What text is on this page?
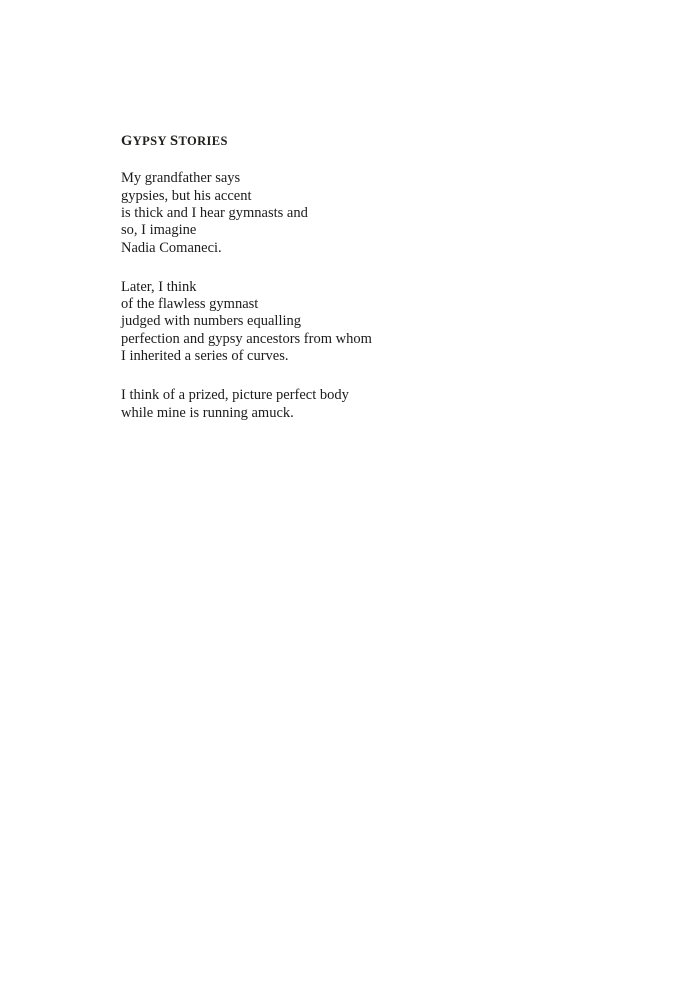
GYPSY STORIES

My grandfather says

gypsies, but his accent

is thick and I hear gymnasts and

so, I imagine

Nadia Comaneci.

Later, I think

of the flawless gymnast

judged with numbers equalling

perfection and gypsy ancestors from whom

I inherited a series of curves.

I think of a prized, picture perfect body

while mine is running amuck.
